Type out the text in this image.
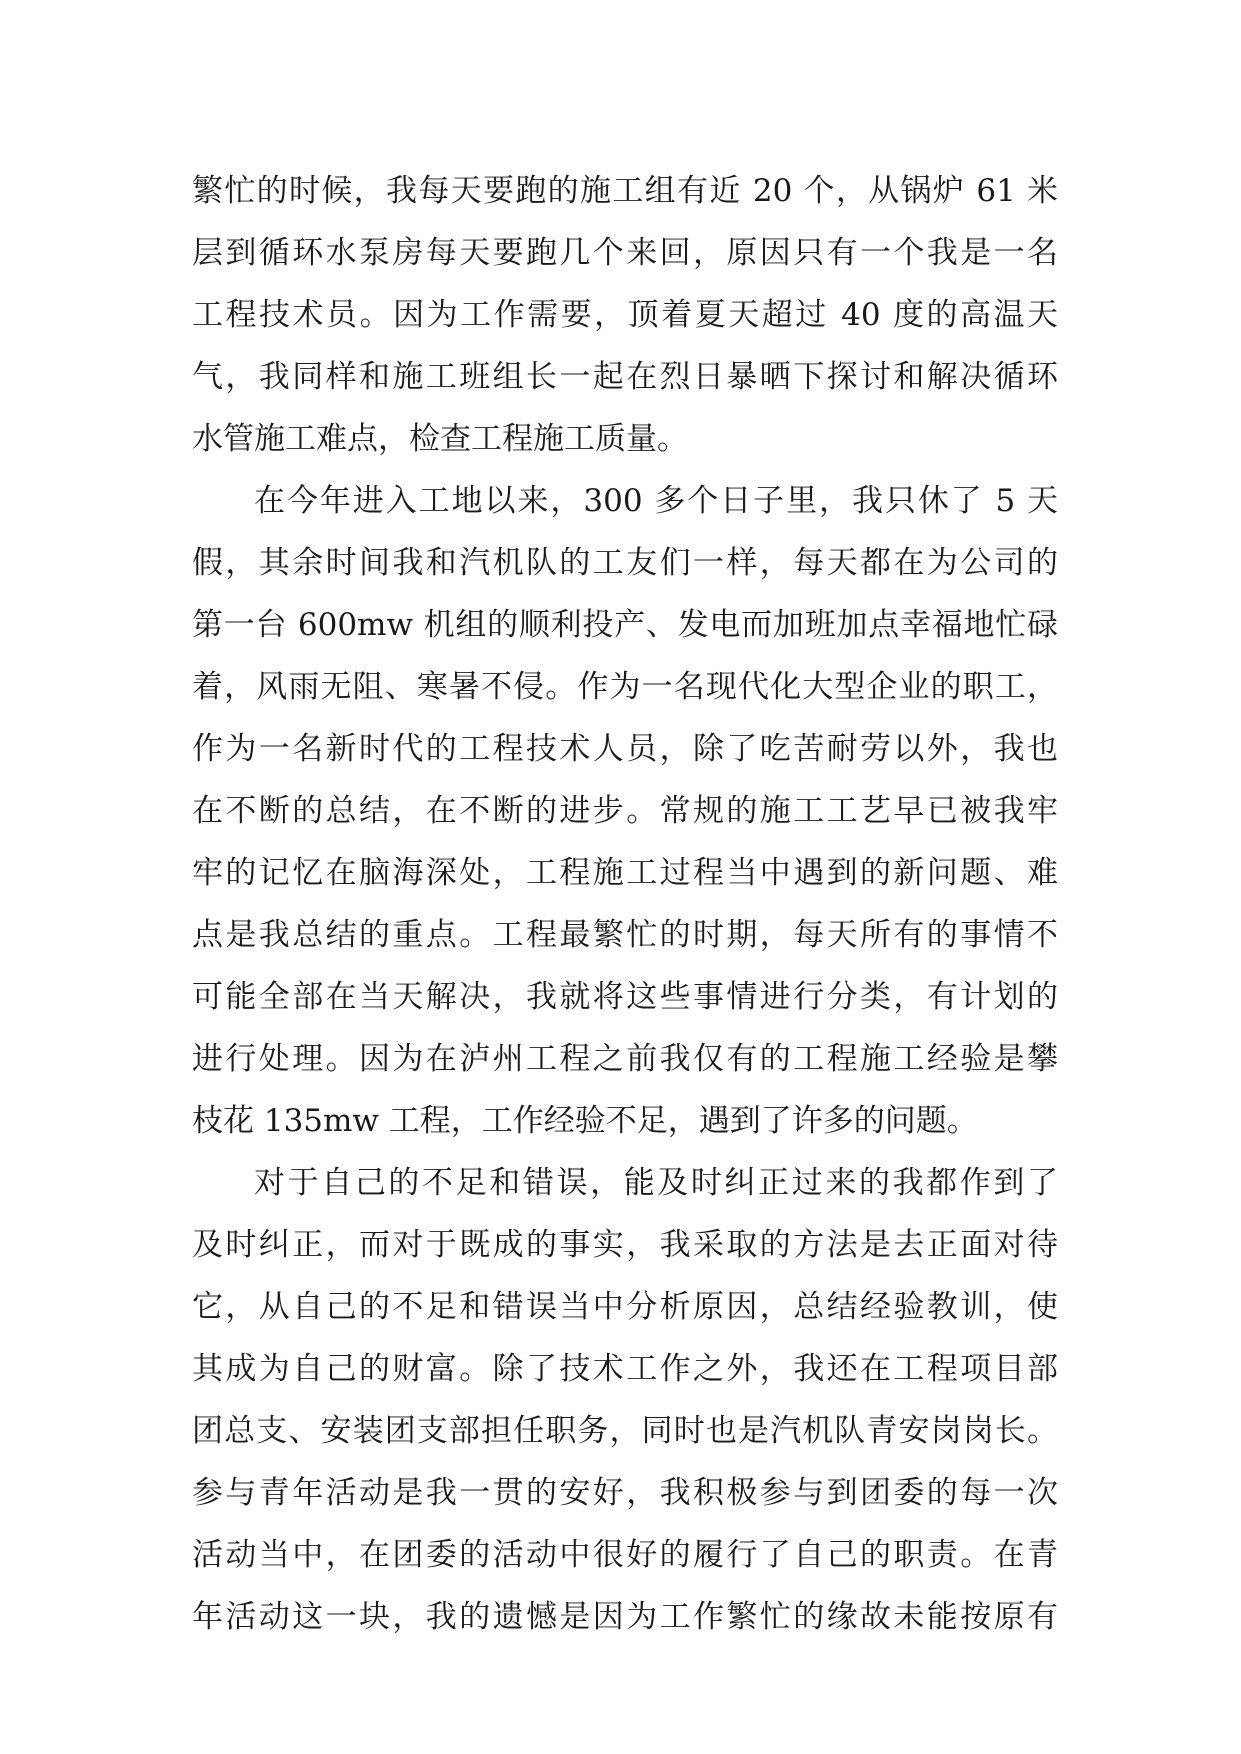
繁忙的时候，我每天要跑的施工组有近 20 个，从锅炉 61 米
层到循环水泵房每天要跑几个来回，原因只有一个我是一名
工程技术员。因为工作需要，顶着夏天超过 40 度的高温天
气，我同样和施工班组长一起在烈日暴晒下探讨和解决循环
水管施工难点，检查工程施工质量。
在今年进入工地以来，300 多个日子里，我只休了 5 天
假，其余时间我和汽机队的工友们一样，每天都在为公司的
第一台 600mw 机组的顺利投产、发电而加班加点幸福地忙碌
着，风雨无阻、寒暑不侵。作为一名现代化大型企业的职工，
作为一名新时代的工程技术人员，除了吃苦耐劳以外，我也
在不断的总结，在不断的进步。常规的施工工艺早已被我牢
牢的记忆在脑海深处，工程施工过程当中遇到的新问题、难
点是我总结的重点。工程最繁忙的时期，每天所有的事情不
可能全部在当天解决，我就将这些事情进行分类，有计划的
进行处理。因为在泸州工程之前我仅有的工程施工经验是攀
枝花 135mw 工程，工作经验不足，遇到了许多的问题。
对于自己的不足和错误，能及时纠正过来的我都作到了
及时纠正，而对于既成的事实，我采取的方法是去正面对待
它，从自己的不足和错误当中分析原因，总结经验教训，使
其成为自己的财富。除了技术工作之外，我还在工程项目部
团总支、安装团支部担任职务，同时也是汽机队青安岗岗长。
参与青年活动是我一贯的安好，我积极参与到团委的每一次
活动当中，在团委的活动中很好的履行了自己的职责。在青
年活动这一块，我的遗憾是因为工作繁忙的缘故未能按原有
